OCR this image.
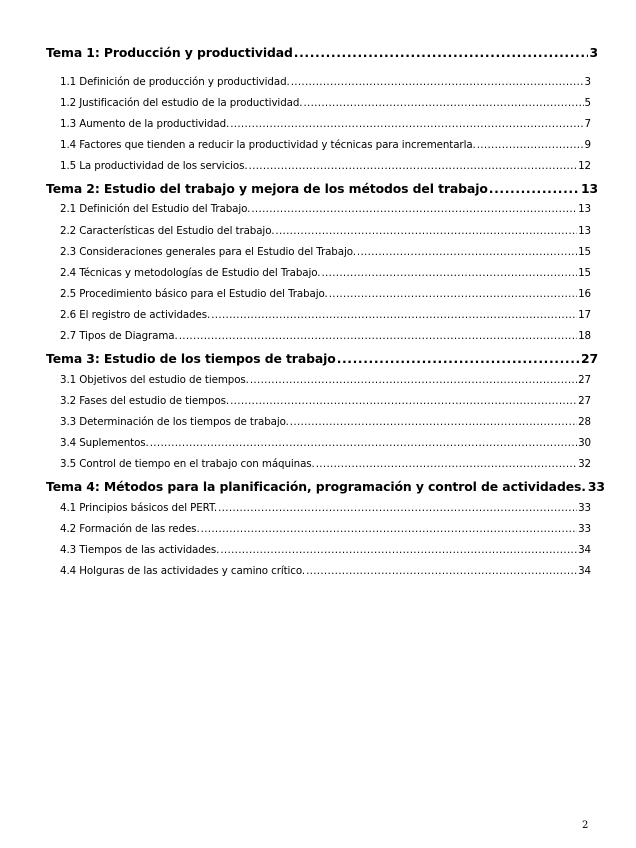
Tema 1: Producción y productividad .....	3
1.1 Definición de producción y productividad. .....	3
1.2 Justificación del estudio de la productividad. .....	5
1.3 Aumento de la productividad. .....	7
1.4 Factores que tienden a reducir la productividad y técnicas para incrementarla. .....	9
1.5 La productividad de los servicios. .....	12
Tema 2: Estudio del trabajo y mejora de los métodos del trabajo .....	13
2.1 Definición del Estudio del Trabajo. .....	13
2.2 Características del Estudio del trabajo. .....	13
2.3 Consideraciones generales para el Estudio del Trabajo. .....	15
2.4 Técnicas y metodologías de Estudio del Trabajo. .....	15
2.5 Procedimiento básico para el Estudio del Trabajo. .....	16
2.6 El registro de actividades. .....	17
2.7 Tipos de Diagrama. .....	18
Tema 3: Estudio de los tiempos de trabajo .....	27
3.1 Objetivos del estudio de tiempos. .....	27
3.2 Fases del estudio de tiempos. .....	27
3.3 Determinación de los tiempos de trabajo. .....	28
3.4 Suplementos. .....	30
3.5 Control de tiempo en el trabajo con máquinas. .....	32
Tema 4: Métodos para la planificación, programación y control de actividades. 33
4.1 Principios básicos del PERT. .....	33
4.2 Formación de las redes. .....	33
4.3 Tiempos de las actividades. .....	34
4.4 Holguras de las actividades y camino crítico. .....	34
2
